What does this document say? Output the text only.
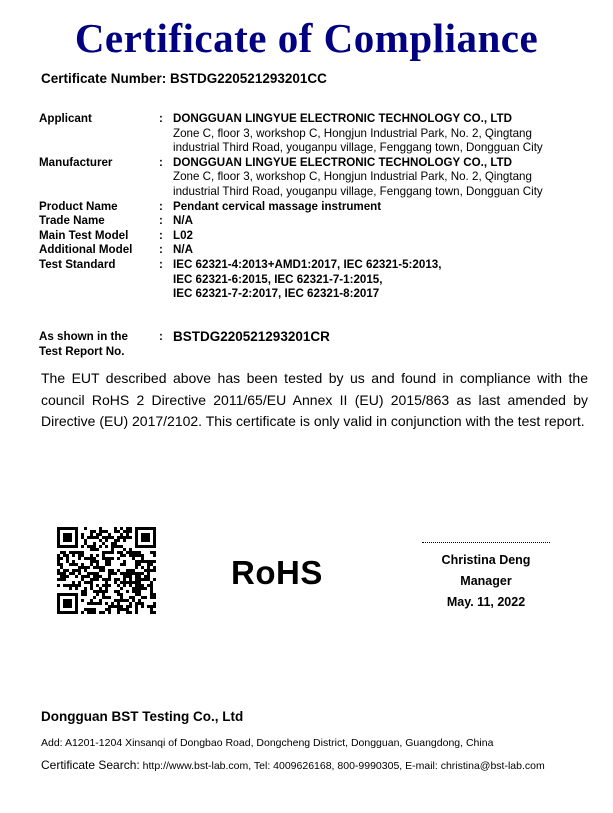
Certificate of Compliance
Certificate Number: BSTDG220521293201CC
Applicant	: DONGGUAN LINGYUE ELECTRONIC TECHNOLOGY CO., LTD
Zone C, floor 3, workshop C, Hongjun Industrial Park, No. 2, Qingtang
industrial Third Road, youganpu village, Fenggang town, Dongguan City
Manufacturer	: DONGGUAN LINGYUE ELECTRONIC TECHNOLOGY CO., LTD
Zone C, floor 3, workshop C, Hongjun Industrial Park, No. 2, Qingtang
industrial Third Road, youganpu village, Fenggang town, Dongguan City
Product Name	: Pendant cervical massage instrument
Trade Name	: N/A
Main Test Model	: L02
Additional Model	: N/A
Test Standard	: IEC 62321-4:2013+AMD1:2017, IEC 62321-5:2013,
IEC 62321-6:2015, IEC 62321-7-1:2015,
IEC 62321-7-2:2017, IEC 62321-8:2017
As shown in the
Test Report No.
: BSTDG220521293201CR
The EUT described above has been tested by us and found in compliance with the council RoHS 2 Directive 2011/65/EU Annex II (EU) 2015/863 as last amended by Directive (EU) 2017/2102. This certificate is only valid in conjunction with the test report.
RoHS	Christina Deng
Manager
May. 11, 2022
Dongguan BST Testing Co., Ltd
Add: A1201-1204 Xinsanqi of Dongbao Road, Dongcheng District, Dongguan, Guangdong, China
Certificate Search: http://www.bst-lab.com, Tel: 4009626168, 800-9990305, E-mail: christina@bst-lab.com
